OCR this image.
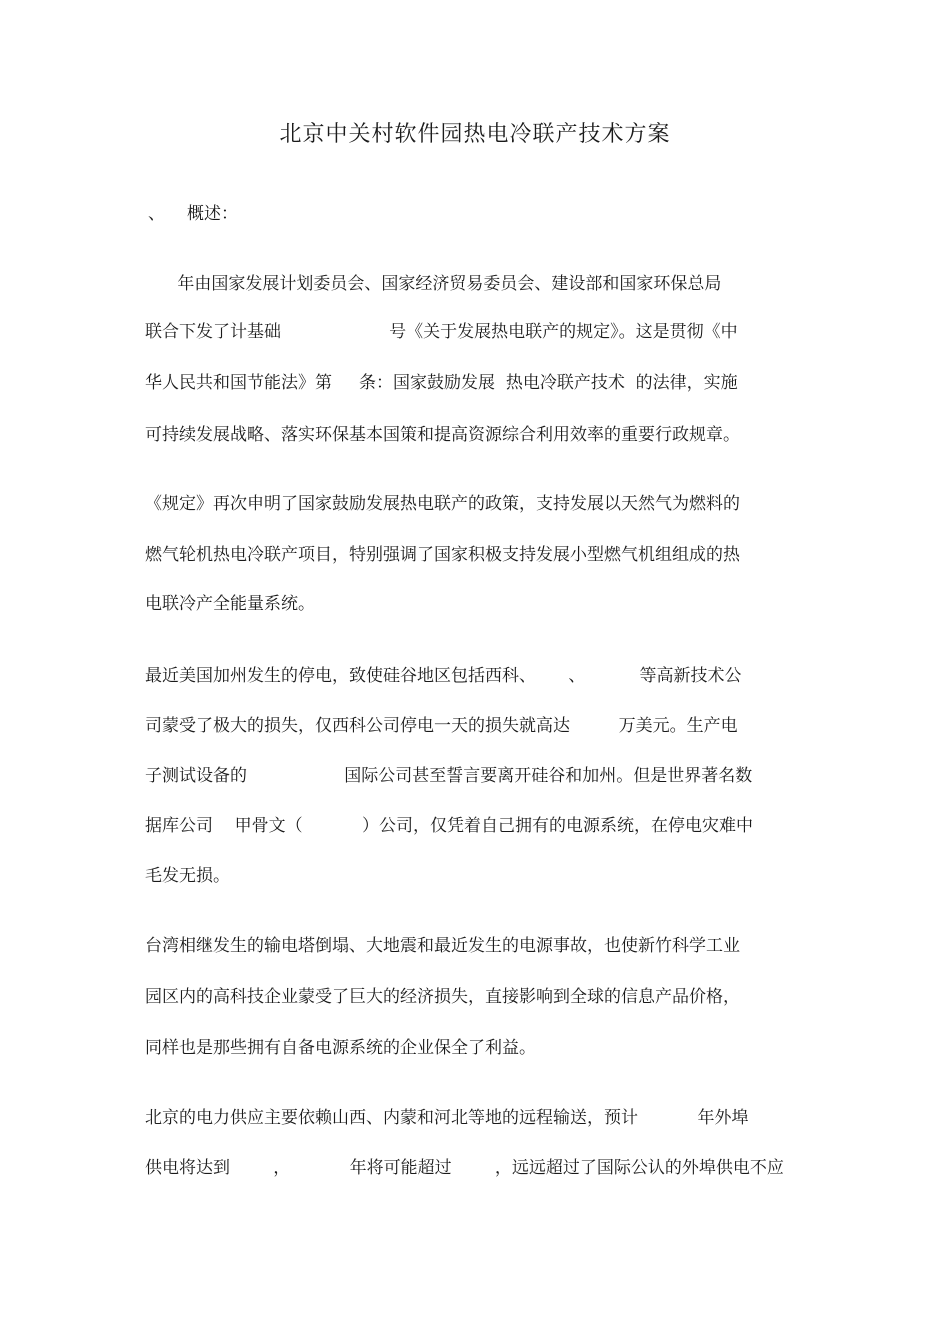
北京中关村软件园热电冷联产技术方案
、 概述：
年由国家发展计划委员会、国家经济贸易委员会、建设部和国家环保总局
联合下发了计基础                    号《关于发展热电联产的规定》。这是贯彻《中
华人民共和国节能法》第     条：国家鼓励发展  热电冷联产技术  的法律，实施
可持续发展战略、落实环保基本国策和提高资源综合利用效率的重要行政规章。
《规定》再次申明了国家鼓励发展热电联产的政策，支持发展以天然气为燃料的
燃气轮机热电冷联产项目，特别强调了国家积极支持发展小型燃气机组组成的热
电联冷产全能量系统。
最近美国加州发生的停电，致使硅谷地区包括西科、      、          等高新技术公
司蒙受了极大的损失，仅西科公司停电一天的损失就高达         万美元。生产电
子测试设备的                  国际公司甚至誓言要离开硅谷和加州。但是世界著名数
据库公司    甲骨文（           ）公司，仅凭着自己拥有的电源系统，在停电灾难中
毛发无损。
台湾相继发生的输电塔倒塌、大地震和最近发生的电源事故，也使新竹科学工业
园区内的高科技企业蒙受了巨大的经济损失，直接影响到全球的信息产品价格，
同样也是那些拥有自备电源系统的企业保全了利益。
北京的电力供应主要依赖山西、内蒙和河北等地的远程输送，预计           年外埠
供电将达到        ，           年将可能超过        ，远远超过了国际公认的外埠供电不应
